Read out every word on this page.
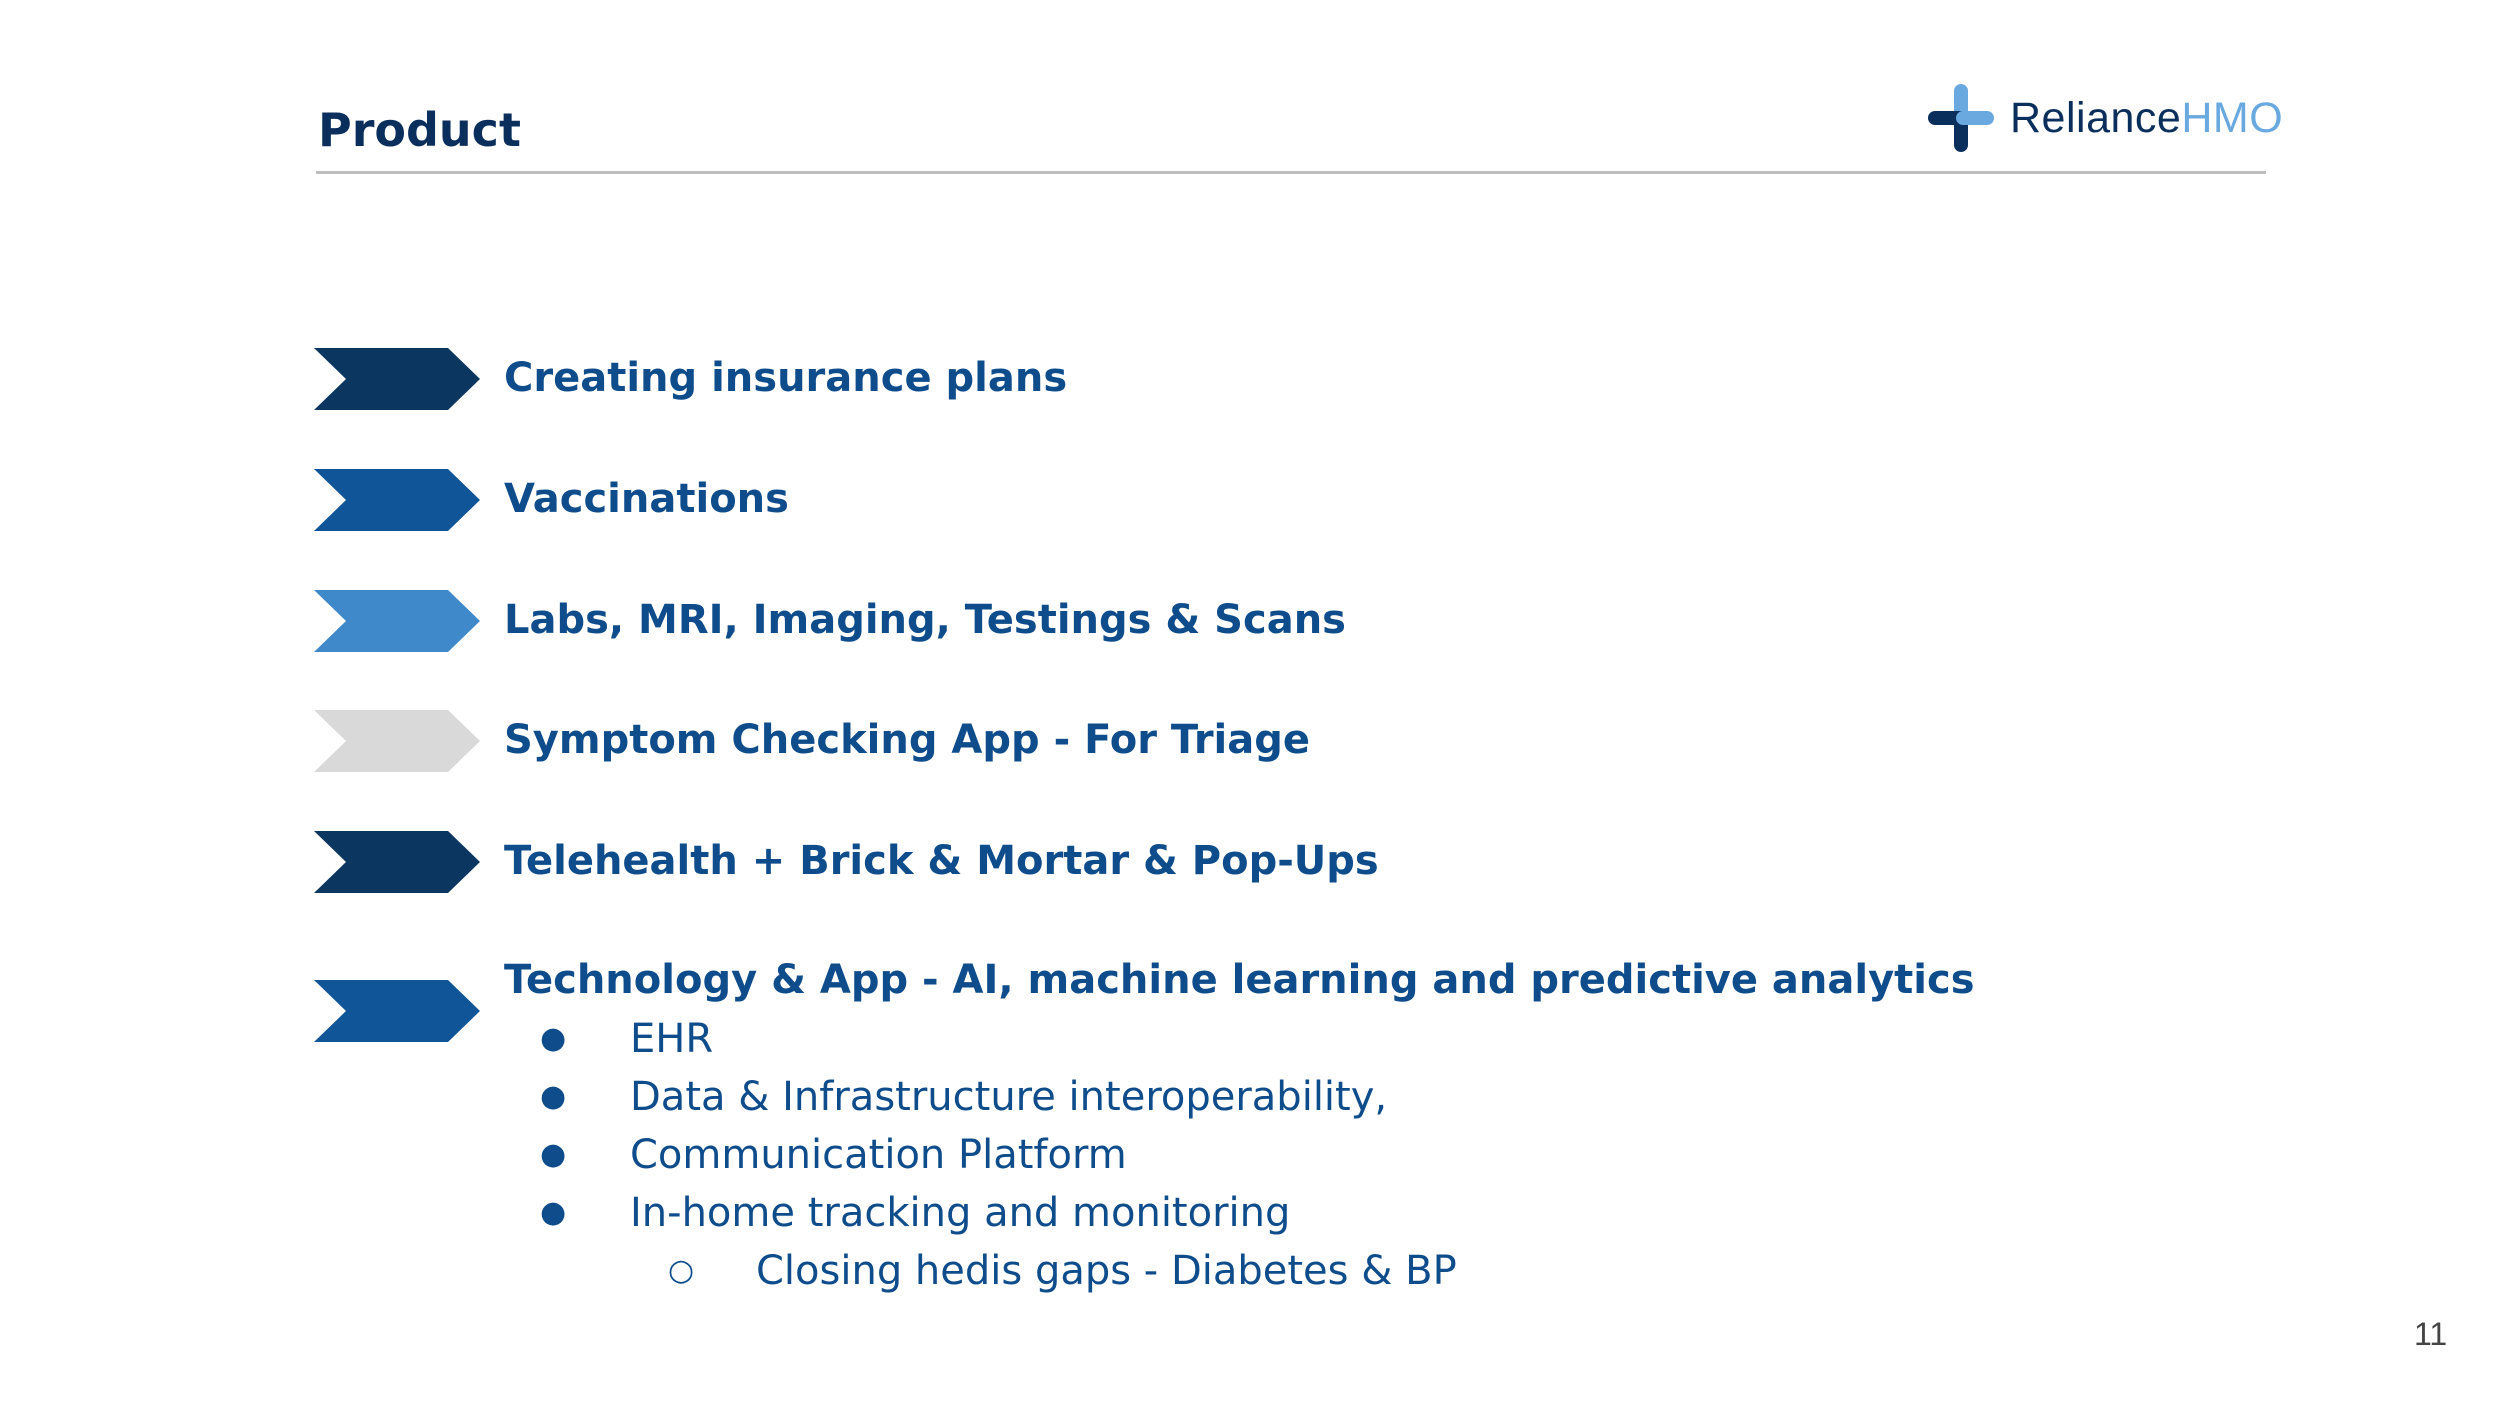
Product	RelianceHMO
Creating insurance plans
Vaccinations
Labs, MRI, Imaging, Testings & Scans
Symptom Checking App - For Triage
Telehealth + Brick & Mortar & Pop-Ups
Technology & App - AI, machine learning and predictive analytics
● EHR
● Data & Infrastructure interoperability,
● Communication Platform
● In-home tracking and monitoring
○ Closing hedis gaps - Diabetes & BP
11
